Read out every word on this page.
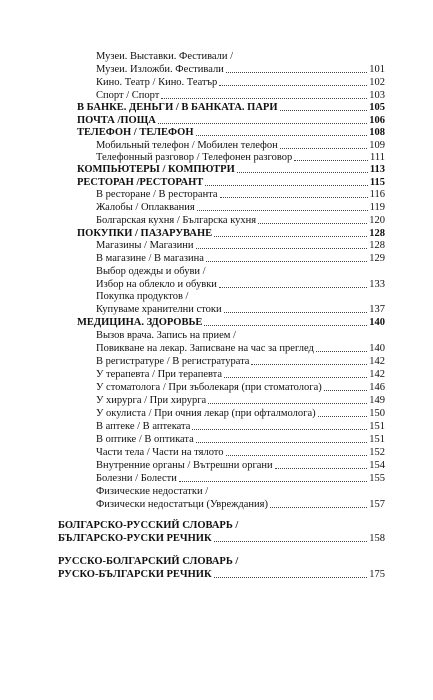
Музеи. Выставки. Фестивали /
Музеи. Изложби. Фестивали	101
Кино. Театр / Кино. Театър	102
Спорт / Спорт	103
В БАНКЕ. ДЕНЬГИ / В БАНКАТА. ПАРИ	105
ПОЧТА /ПОЩА	106
ТЕЛЕФОН / ТЕЛЕФОН	108
Мобильный телефон / Мобилен телефон	109
Телефонный разговор / Телефонен разговор	111
КОМПЬЮТЕРЫ / КОМПЮТРИ	113
РЕСТОРАН /РЕСТОРАНТ	115
В ресторане / В ресторанта	116
Жалобы / Оплаквания	119
Болгарская кухня / Българска кухня	120
ПОКУПКИ / ПАЗАРУВАНЕ	128
Магазины / Магазини	128
В магазине / В магазина	129
Выбор одежды и обуви /
Избор на облекло и обувки	133
Покупка продуктов /
Купуваме хранителни стоки	137
МЕДИЦИНА. ЗДОРОВЬЕ	140
Вызов врача. Запись на прием /
Повикване на лекар. Записване на час за преглед	140
В регистратуре / В регистратурата	142
У терапевта / При терапевта	142
У стоматолога / При зъболекаря (при стоматолога)	146
У хирурга / При хирурга	149
У окулиста / При очния лекар (при офталмолога)	150
В аптеке / В аптеката	151
В оптике / В оптиката	151
Части тела / Части на тялото	152
Внутренние органы / Вътрешни органи	154
Болезни / Болести	155
Физические недостатки /
Физически недостатъци (Увреждания)	157
БОЛГАРСКО-РУССКИЙ СЛОВАРЬ /
БЪЛГАРСКО-РУСКИ РЕЧНИК	158
РУССКО-БОЛГАРСКИЙ СЛОВАРЬ /
РУСКО-БЪЛГАРСКИ РЕЧНИК	175
